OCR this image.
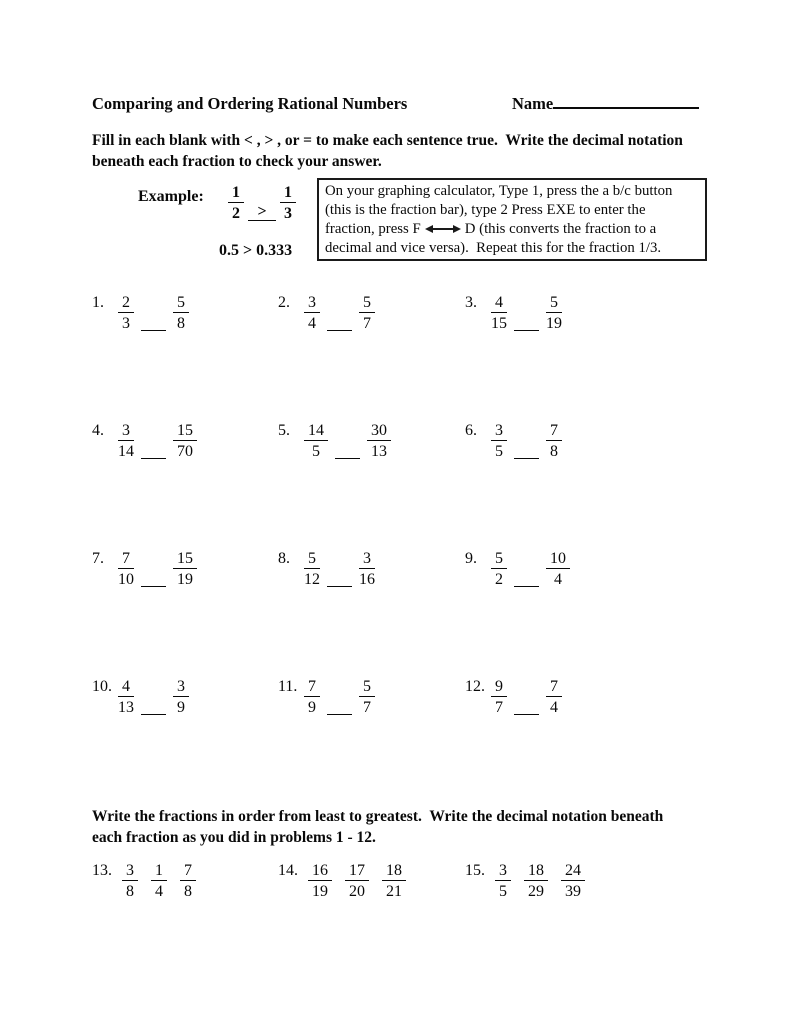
Comparing and Ordering Rational Numbers	Name
Fill in each blank with < , > , or = to make each sentence true.  Write the decimal notation
beneath each fraction to check your answer.
Example: $\frac{1}{2} > \frac{1}{3}$
0.5 > 0.333
On your graphing calculator, Type 1, press the a b/c button
(this is the fraction bar), type 2 Press EXE to enter the
fraction, press F	D (this converts the fraction to a
decimal and vice versa).  Repeat this for the fraction 1/3.
1. $\frac{2}{3} \frac{5}{8}$	2. $\frac{3}{4} \frac{5}{7}$	3. $\frac{4}{15} \frac{5}{19}$
4. $\frac{3}{14} \frac{15}{70}$	5. $\frac{14}{5} \frac{30}{13}$	6. $\frac{3}{5} \frac{7}{8}$
7. $\frac{7}{10} \frac{15}{19}$	8. $\frac{5}{12} \frac{3}{16}$	9. $\frac{5}{2} \frac{10}{4}$
10. $\frac{4}{13} \frac{3}{9}$	11. $\frac{7}{9} \frac{5}{7}$	12. $\frac{9}{7} \frac{7}{4}$
Write the fractions in order from least to greatest.  Write the decimal notation beneath
each fraction as you did in problems 1 - 12.
13. $\frac{3}{8} \frac{1}{4} \frac{7}{8}$	14. $\frac{16}{19} \frac{17}{20} \frac{18}{21}$	15. $\frac{3}{5} \frac{18}{29} \frac{24}{39}$
